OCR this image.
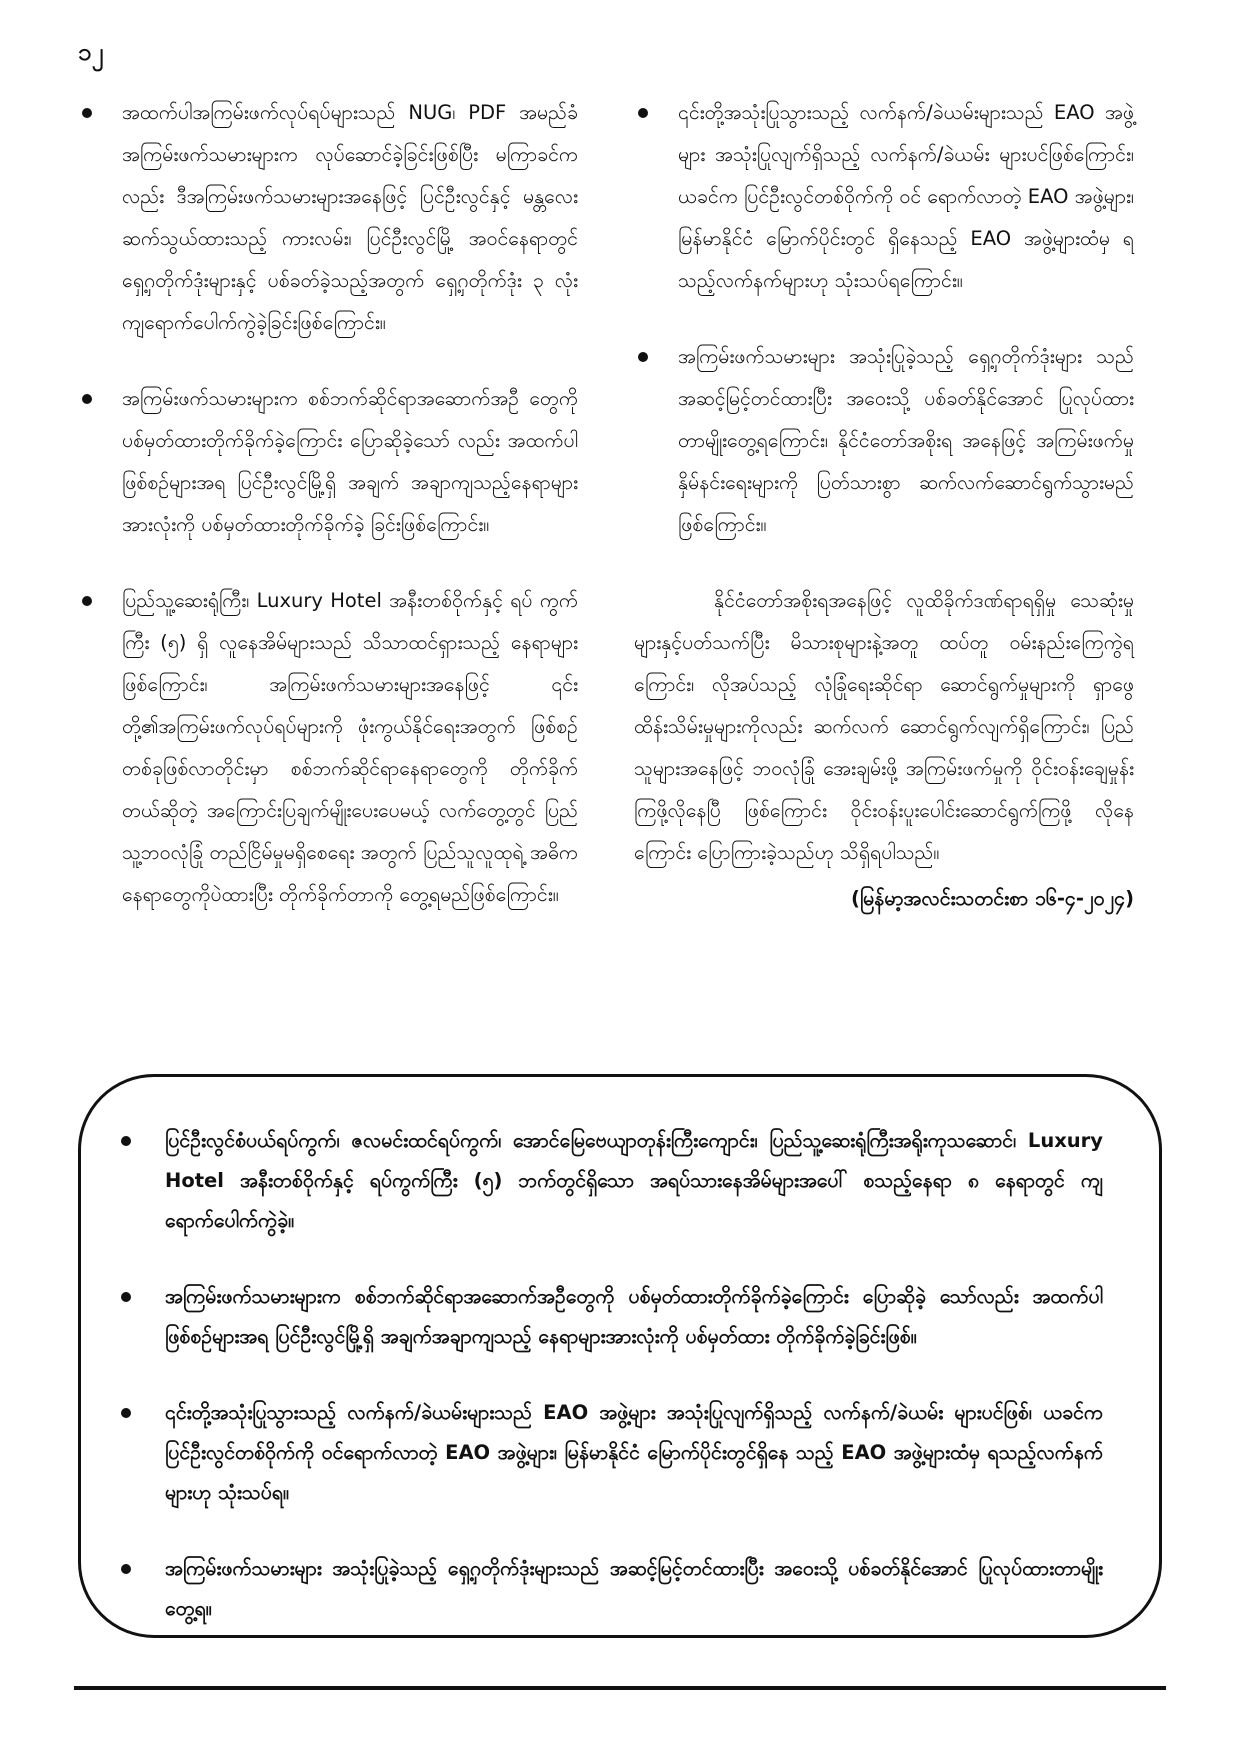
၁၂
အထက်ပါအကြမ်းဖက်လုပ်ရပ်များသည် NUG၊ PDF အမည်ခံ အကြမ်းဖက်သမားများက လုပ်ဆောင်ခဲ့ခြင်းဖြစ်ပြီး မကြာခင်က လည်း ဒီအကြမ်းဖက်သမားများအနေဖြင့် ပြင်ဦးလွင်နှင့် မန္တလေးဆက်သွယ်ထားသည့် ကားလမ်း၊ ပြင်ဦးလွင်မြို့ အဝင်နေရာတွင် ရှေ့ဂှတိုက်ဒုံးများနှင့် ပစ်ခတ်ခဲ့သည့်အတွက် ရှေ့ဂှတိုက်ဒုံး ၃ လုံးကျရောက်ပေါက်ကွဲခဲ့ခြင်းဖြစ်ကြောင်း။
အကြမ်းဖက်သမားများက စစ်ဘက်ဆိုင်ရာအဆောက်အဦ တွေကို ပစ်မှတ်ထားတိုက်ခိုက်ခဲ့ကြောင်း ပြောဆိုခဲ့သော် လည်း အထက်ပါဖြစ်စဉ်များအရ ပြင်ဦးလွင်မြို့ရှိ အချက် အချာကျသည့်နေရာများအားလုံးကို ပစ်မှတ်ထားတိုက်ခိုက်ခဲ့ ခြင်းဖြစ်ကြောင်း။
ပြည်သူ့ဆေးရုံကြီး၊ Luxury Hotel အနီးတစ်ဝိုက်နှင့် ရပ် ကွက်ကြီး (၅) ရှိ လူနေအိမ်များသည် သိသာထင်ရှားသည့် နေရာများဖြစ်ကြောင်း၊ အကြမ်းဖက်သမားများအနေဖြင့် ၎င်းတို့၏အကြမ်းဖက်လုပ်ရပ်များကို ဖုံးကွယ်နိုင်ရေးအတွက် ဖြစ်စဉ်တစ်ခုဖြစ်လာတိုင်းမှာ စစ်ဘက်ဆိုင်ရာနေရာတွေကို တိုက်ခိုက်တယ်ဆိုတဲ့ အကြောင်းပြချက်မျိုးပေးပေမယ့် လက်တွေ့တွင် ပြည်သူ့ဘဝလုံခြုံ တည်ငြိမ်မှုမရှိစေရေး အတွက် ပြည်သူလူထုရဲ့ အဓိကနေရာတွေကိုပဲထားပြီး တိုက်ခိုက်တာကို တွေ့ရမည်ဖြစ်ကြောင်း။
၎င်းတို့အသုံးပြုသွားသည့် လက်နက်/ခဲယမ်းများသည် EAO အဖွဲ့များ အသုံးပြုလျက်ရှိသည့် လက်နက်/ခဲယမ်း များပင်ဖြစ်ကြောင်း၊ ယခင်က ပြင်ဦးလွင်တစ်ဝိုက်ကို ဝင် ရောက်လာတဲ့ EAO အဖွဲ့များ၊ မြန်မာနိုင်ငံ မြောက်ပိုင်းတွင် ရှိနေသည့် EAO အဖွဲ့များထံမှ ရသည့်လက်နက်များဟု သုံးသပ်ရကြောင်း။
အကြမ်းဖက်သမားများ အသုံးပြုခဲ့သည့် ရှေ့ဂှတိုက်ဒုံးများ သည် အဆင့်မြင့်တင်ထားပြီး အဝေးသို့ ပစ်ခတ်နိုင်အောင် ပြုလုပ်ထားတာမျိုးတွေ့ရကြောင်း၊ နိုင်ငံတော်အစိုးရ အနေဖြင့် အကြမ်းဖက်မှုနှိမ်နင်းရေးများကို ပြတ်သားစွာ ဆက်လက်ဆောင်ရွက်သွားမည်ဖြစ်ကြောင်း။

နိုင်ငံတော်အစိုးရအနေဖြင့် လူထိခိုက်ဒဏ်ရာရရှိမှု သေဆုံးမှုများနှင့်ပတ်သက်ပြီး မိသားစုများနဲ့အတူ ထပ်တူ ဝမ်းနည်းကြေကွဲရကြောင်း၊ လိုအပ်သည့် လုံခြုံရေးဆိုင်ရာ ဆောင်ရွက်မှုများကို ရှာဖွေထိန်းသိမ်းမှုများကိုလည်း ဆက်လက် ဆောင်ရွက်လျက်ရှိကြောင်း၊ ပြည်သူများအနေဖြင့် ဘဝလုံခြုံ အေးချမ်းဖို့ အကြမ်းဖက်မှုကို ဝိုင်းဝန်းချေမှုန်းကြဖို့လိုနေပြီ ဖြစ်ကြောင်း ဝိုင်းဝန်းပူးပေါင်းဆောင်ရွက်ကြဖို့ လိုနေကြောင်း ပြောကြားခဲ့သည်ဟု သိရှိရပါသည်။

(မြန်မာ့အလင်းသတင်းစာ ၁၆-၄-၂၀၂၄)
ပြင်ဦးလွင်စံပယ်ရပ်ကွက်၊ ဇလမင်းထင်ရပ်ကွက်၊ အောင်မြေဗေယျာတုန်းကြီးကျောင်း၊ ပြည်သူ့ဆေးရုံကြီးအရိုးကုသဆောင်၊ Luxury Hotel အနီးတစ်ဝိုက်နှင့် ရပ်ကွက်ကြီး (၅) ဘက်တွင်ရှိသော အရပ်သားနေအိမ်များအပေါ် စသည့်နေရာ ၈ နေရာတွင် ကျရောက်ပေါက်ကွဲခဲ့။
အကြမ်းဖက်သမားများက စစ်ဘက်ဆိုင်ရာအဆောက်အဦတွေကို ပစ်မှတ်ထားတိုက်ခိုက်ခဲ့ကြောင်း ပြောဆိုခဲ့ သော်လည်း အထက်ပါဖြစ်စဉ်များအရ ပြင်ဦးလွင်မြို့ရှိ အချက်အချာကျသည့် နေရာများအားလုံးကို ပစ်မှတ်ထား တိုက်ခိုက်ခဲ့ခြင်းဖြစ်။
၎င်းတို့အသုံးပြုသွားသည့် လက်နက်/ခဲယမ်းများသည် EAO အဖွဲ့များ အသုံးပြုလျက်ရှိသည့် လက်နက်/ခဲယမ်း များပင်ဖြစ်၊ ယခင်က ပြင်ဦးလွင်တစ်ဝိုက်ကို ဝင်ရောက်လာတဲ့ EAO အဖွဲ့များ၊ မြန်မာနိုင်ငံ မြောက်ပိုင်းတွင်ရှိနေ သည့် EAO အဖွဲ့များထံမှ ရသည့်လက်နက်များဟု သုံးသပ်ရ။
အကြမ်းဖက်သမားများ အသုံးပြုခဲ့သည့် ရှေ့ဂှတိုက်ဒုံးများသည် အဆင့်မြင့်တင်ထားပြီး အဝေးသို့ ပစ်ခတ်နိုင်အောင် ပြုလုပ်ထားတာမျိုးတွေ့ရ။
